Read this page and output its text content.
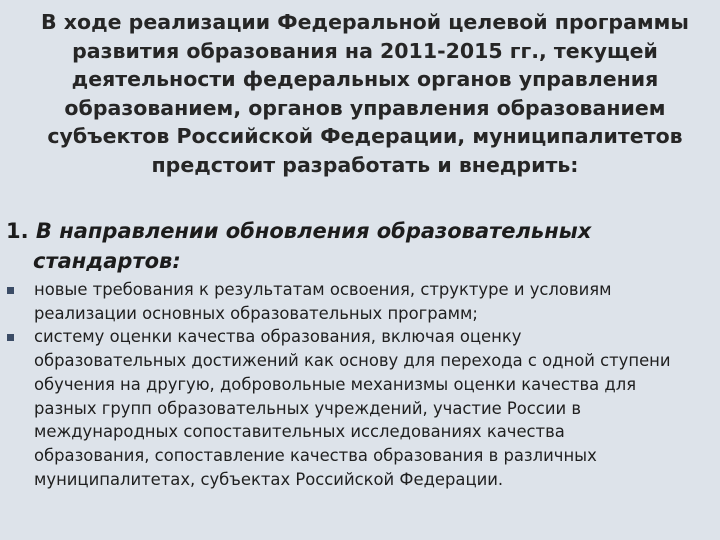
В ходе реализации Федеральной целевой программы
развития образования на 2011-2015 гг., текущей
деятельности федеральных органов управления
образованием, органов управления образованием
субъектов Российской Федерации, муниципалитетов
предстоит разработать и внедрить:
1. В направлении обновления образовательных
стандартов:
новые требования к результатам освоения, структуре и условиям
реализации основных образовательных программ;
систему оценки качества образования, включая оценку
образовательных достижений как основу для перехода с одной ступени
обучения на другую, добровольные механизмы оценки качества для
разных групп образовательных учреждений, участие России в
международных сопоставительных исследованиях качества
образования, сопоставление качества образования в различных
муниципалитетах, субъектах Российской Федерации.
